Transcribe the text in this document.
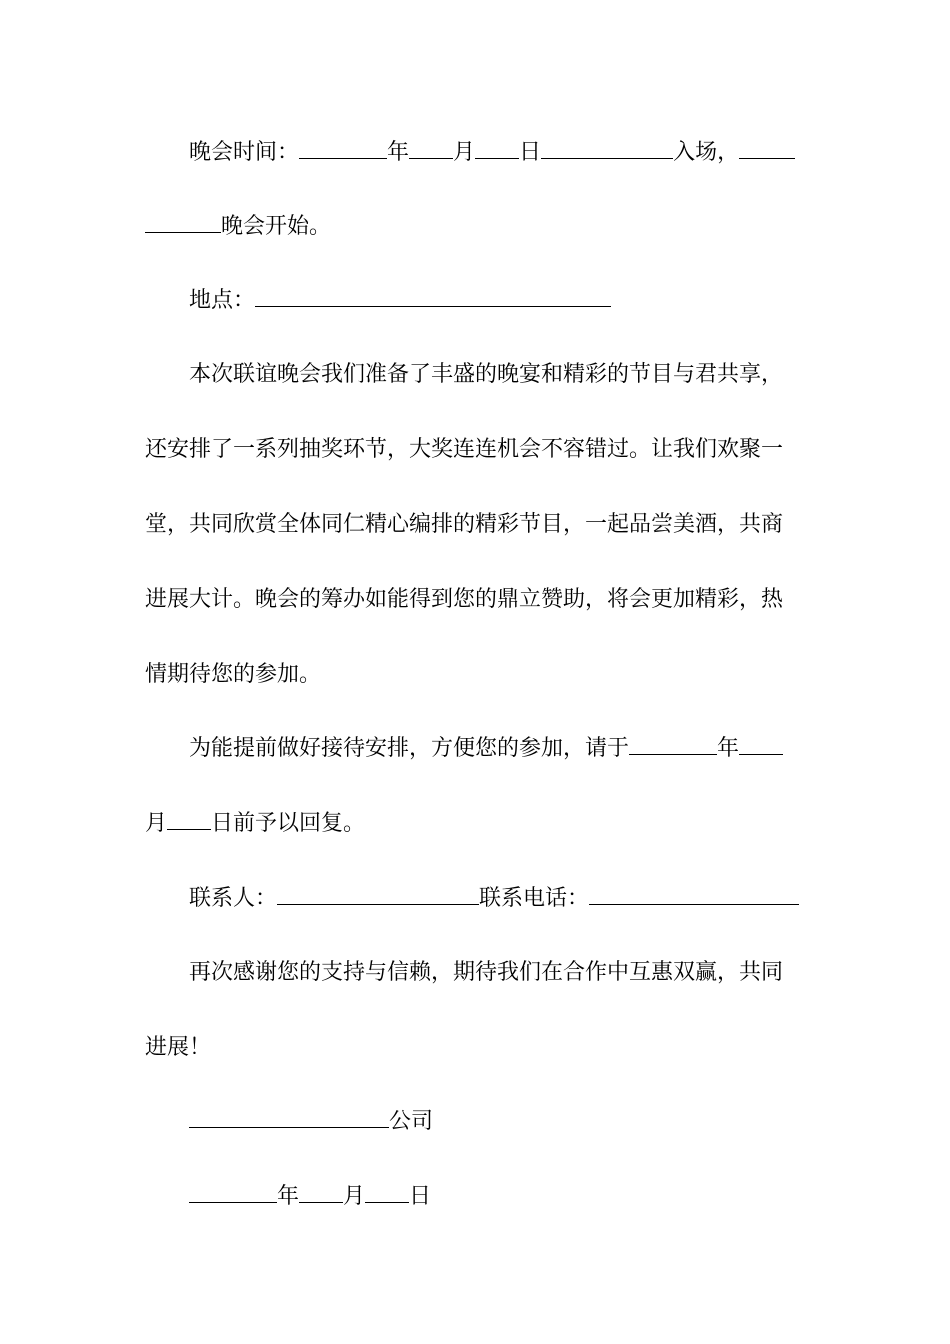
晚会时间：	年 月 日	入场，
晚会开始。
地点：
本次联谊晚会我们准备了丰盛的晚宴和精彩的节目与君共享，
还安排了一系列抽奖环节，大奖连连机会不容错过。让我们欢聚一
堂，共同欣赏全体同仁精心编排的精彩节目，一起品尝美酒，共商
进展大计。晚会的筹办如能得到您的鼎立赞助，将会更加精彩，热
情期待您的参加。
为能提前做好接待安排，方便您的参加，请于	年
月 日前予以回复。
联系人：	联系电话：
再次感谢您的支持与信赖，期待我们在合作中互惠双赢，共同
进展！
公司
年 月 日
